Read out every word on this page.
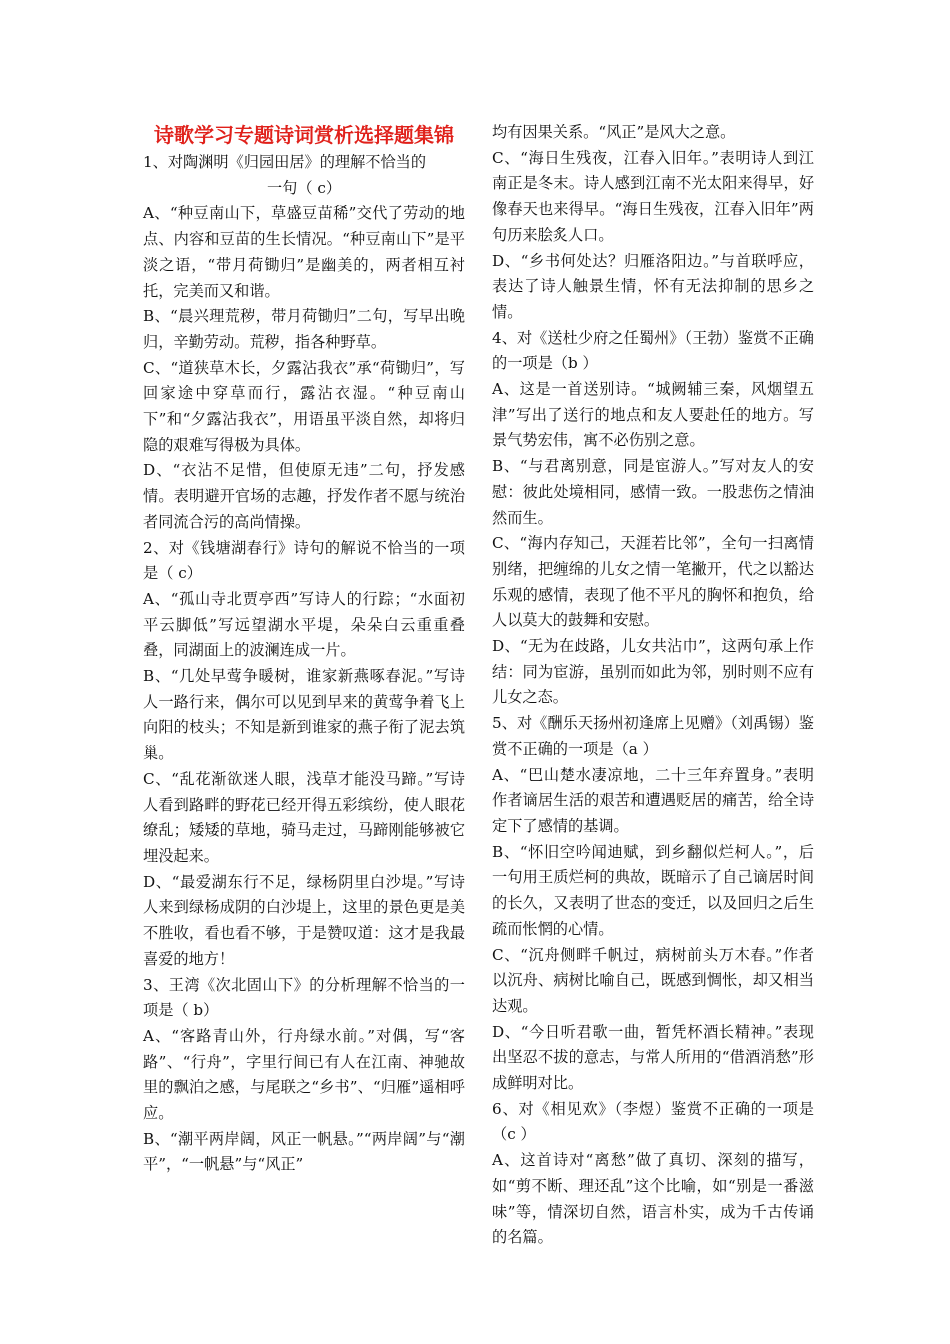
诗歌学习专题诗词赏析选择题集锦

1、对陶渊明《归园田居》的理解不恰当的

一句（ c）

A、“种豆南山下，草盛豆苗稀”交代了劳动的地点、内容和豆苗的生长情况。“种豆南山下”是平淡之语，“带月荷锄归”是幽美的，两者相互衬托，完美而又和谐。

B、“晨兴理荒秽，带月荷锄归”二句，写早出晚归，辛勤劳动。荒秽，指各种野草。

C、“道狭草木长，夕露沾我衣”承“荷锄归”，写回家途中穿草而行，露沾衣湿。“种豆南山下”和“夕露沾我衣”，用语虽平淡自然，却将归隐的艰难写得极为具体。

D、“衣沾不足惜，但使原无违”二句，抒发感情。表明避开官场的志趣，抒发作者不愿与统治者同流合污的高尚情操。

2、对《钱塘湖春行》诗句的解说不恰当的一项是（ c）

A、“孤山寺北贾亭西”写诗人的行踪；“水面初平云脚低”写远望湖水平堤，朵朵白云重重叠叠，同湖面上的波澜连成一片。

B、“几处早莺争暖树，谁家新燕啄春泥。”写诗人一路行来，偶尔可以见到早来的黄莺争着飞上向阳的枝头；不知是新到谁家的燕子衔了泥去筑巢。

C、“乱花渐欲迷人眼，浅草才能没马蹄。”写诗人看到路畔的野花已经开得五彩缤纷，使人眼花缭乱；矮矮的草地，骑马走过，马蹄刚能够被它埋没起来。

D、“最爱湖东行不足，绿杨阴里白沙堤。”写诗人来到绿杨成阴的白沙堤上，这里的景色更是美不胜收，看也看不够，于是赞叹道：这才是我最喜爱的地方！

3、王湾《次北固山下》的分析理解不恰当的一项是（ b）

A、“客路青山外，行舟绿水前。”对偶，写“客路”、“行舟”，字里行间已有人在江南、神驰故里的飘泊之感，与尾联之“乡书”、“归雁”遥相呼应。

B、“潮平两岸阔，风正一帆悬。”“两岸阔”与“潮平”，“一帆悬”与“风正”

均有因果关系。“风正”是风大之意。

C、“海日生残夜，江春入旧年。”表明诗人到江南正是冬末。诗人感到江南不光太阳来得早，好像春天也来得早。“海日生残夜，江春入旧年”两句历来脍炙人口。

D、“乡书何处达？归雁洛阳边。”与首联呼应，表达了诗人触景生情，怀有无法抑制的思乡之情。

4、对《送杜少府之任蜀州》（王勃）鉴赏不正确的一项是（b ）

A、这是一首送别诗。“城阙辅三秦，风烟望五津”写出了送行的地点和友人要赴任的地方。写景气势宏伟，寓不必伤别之意。

B、“与君离别意，同是宦游人。”写对友人的安慰：彼此处境相同，感情一致。一股悲伤之情油然而生。

C、“海内存知己，天涯若比邻”，全句一扫离情别绪，把缠绵的儿女之情一笔撇开，代之以豁达乐观的感情，表现了他不平凡的胸怀和抱负，给人以莫大的鼓舞和安慰。

D、“无为在歧路，儿女共沾巾”，这两句承上作结：同为宦游，虽别而如此为邻，别时则不应有儿女之态。

5、对《酬乐天扬州初逢席上见赠》（刘禹锡）鉴赏不正确的一项是（a ）

A、“巴山楚水凄凉地，二十三年弃置身。”表明作者谪居生活的艰苦和遭遇贬居的痛苦，给全诗定下了感情的基调。

B、“怀旧空吟闻迪赋，到乡翻似烂柯人。”，后一句用王质烂柯的典故，既暗示了自己谪居时间的长久，又表明了世态的变迁，以及回归之后生疏而怅惘的心情。

C、“沉舟侧畔千帆过，病树前头万木春。”作者以沉舟、病树比喻自己，既感到惆怅，却又相当达观。

D、“今日听君歌一曲，暂凭杯酒长精神。”表现出坚忍不拔的意志，与常人所用的“借酒消愁”形成鲜明对比。

6、对《相见欢》（李煜）鉴赏不正确的一项是（c ）

A、这首诗对“离愁”做了真切、深刻的描写，如“剪不断、理还乱”这个比喻，如“别是一番滋味”等，情深切自然，语言朴实，成为千古传诵的名篇。
